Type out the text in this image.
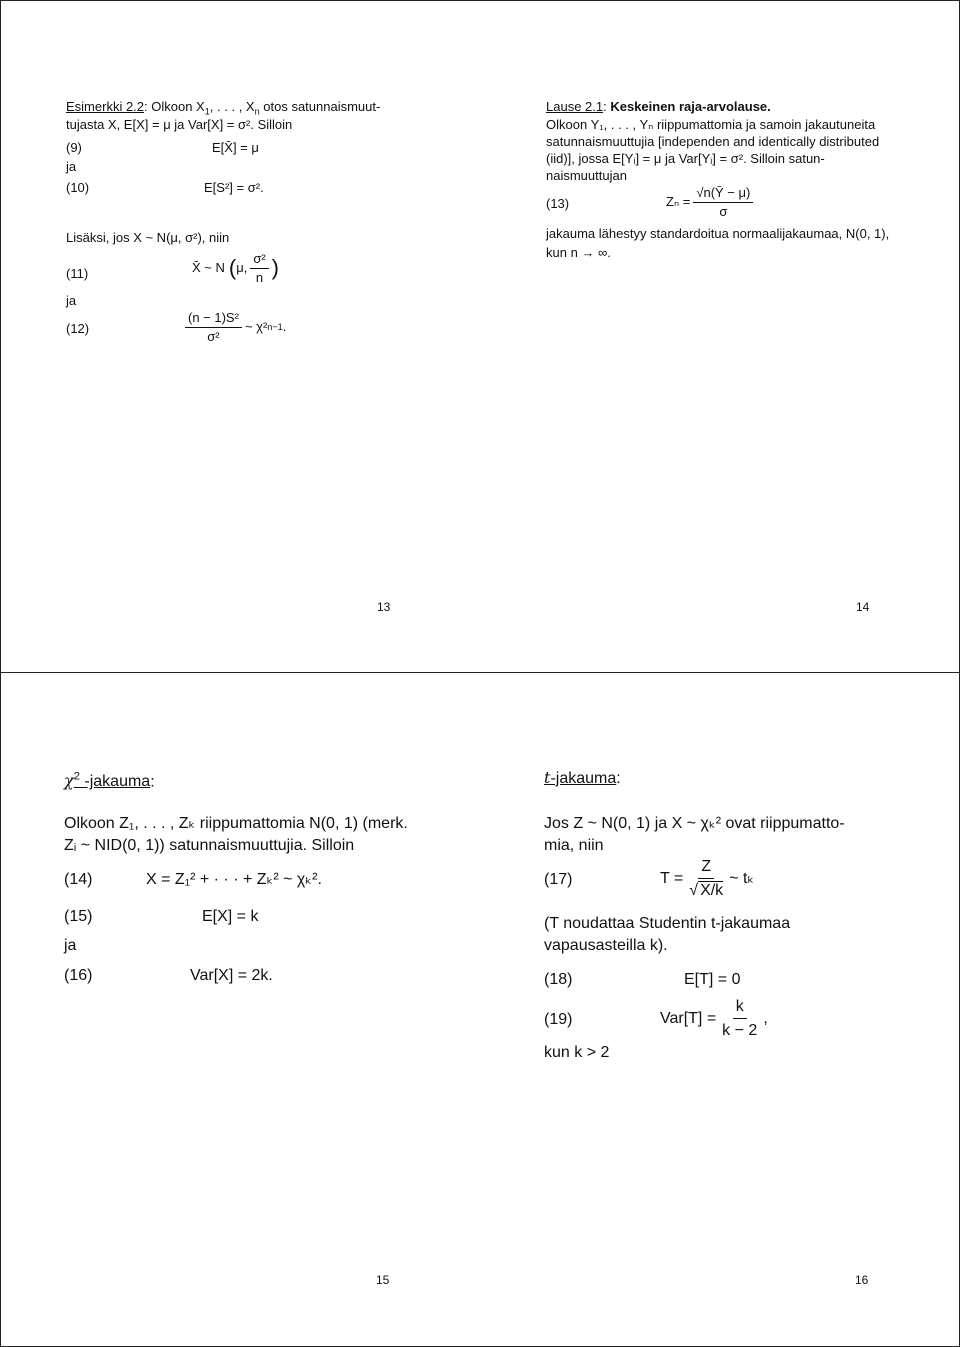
Esimerkki 2.2: Olkoon $X_1$, . . . , $X_n$ otos satunnaismuut-
tujasta X, E[X] = μ ja Var[X] = σ². Silloin
(9)	E[X̄] = μ
ja
(10)	E[S²] = σ².
Lisäksi, jos X ~ N(μ, σ²), niin
(11)	X̄ ~ N ( μ, $\frac{\text{σ²}}{n}$ )
ja
(12)	$\frac{\text{(n − 1)S²}}{\text{σ²}}$ ~ χ² n−1 .
13
Lause 2.1: Keskeinen raja-arvolause.
Olkoon Y₁, . . . , Yₙ riippumattomia ja samoin jakautuneita
satunnaismuuttujia [independen and identically distributed
(iid)], jossa E[Yᵢ] = μ ja Var[Yᵢ] = σ². Silloin satun-
naismuuttujan
(13)	$Z_n = \frac{√n(Ȳ - \mu)}{\sigma}$
jakauma lähestyy standardoitua normaalijakaumaa, N(0, 1),
kun n → ∞.
14
$\chi^2$ -jakauma:
Olkoon Z₁, . . . , Zₖ riippumattomia N(0, 1) (merk.
Zᵢ ~ NID(0, 1)) satunnaismuuttujia. Silloin
(14)	X = Z₁² + · · · + Zₖ² ~ χₖ².
(15)	E[X] = k
ja
(16)	Var[X] = 2k.
15
t-jakauma:
Jos Z ~ N(0, 1) ja X ~ χₖ² ovat riippumatto-
mia, niin
(17)	$T = \frac{Z}{√ X/k}$ ~ tₖ
(T noudattaa Studentin t-jakaumaa
vapausasteilla k).
(18)	E[T] = 0
(19)	$Var[T] = \frac{k}{k - 2}$ ,
kun k > 2
16
